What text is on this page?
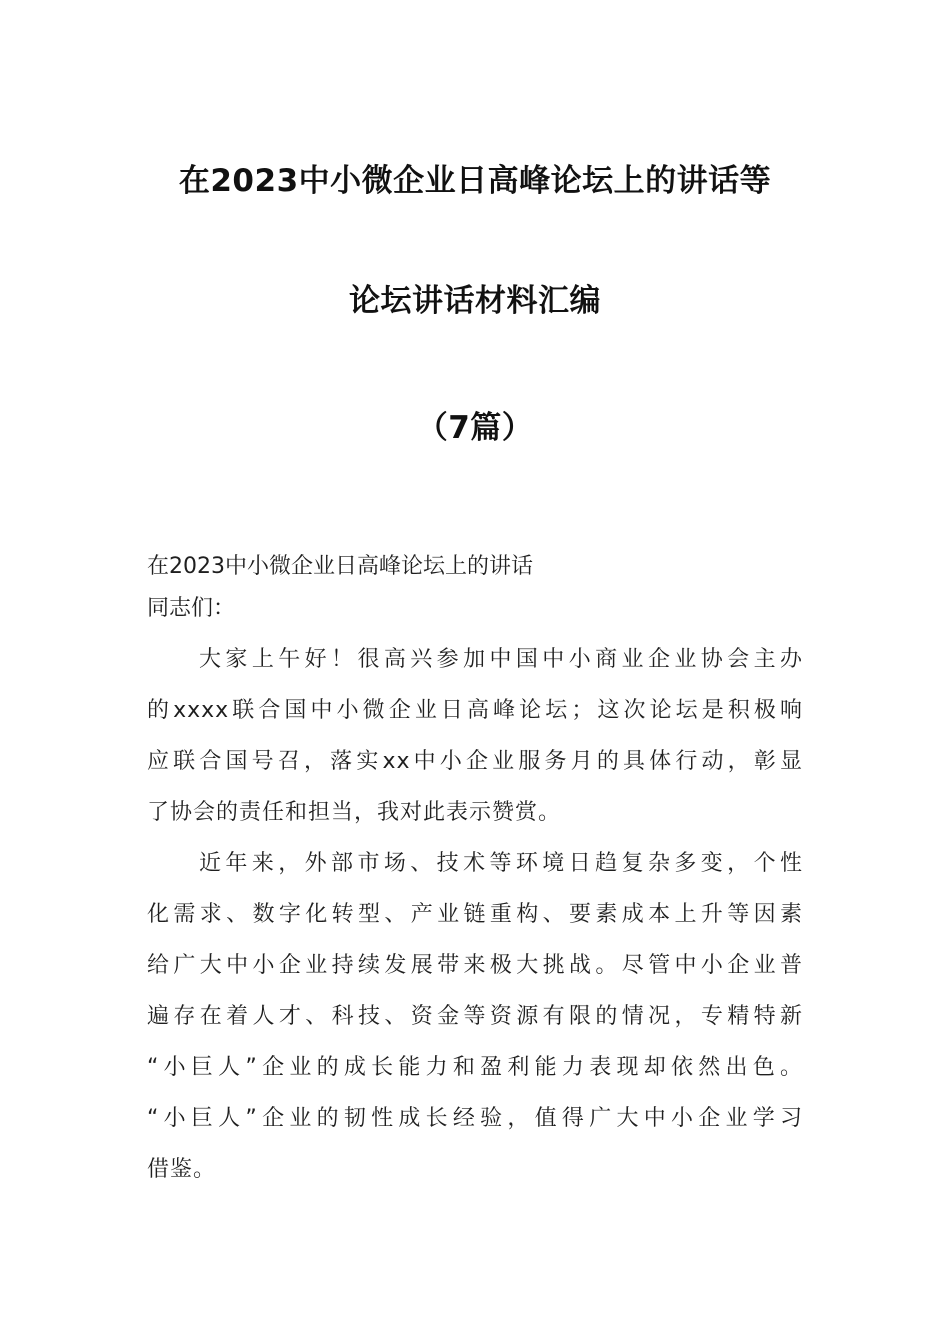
在2023中小微企业日高峰论坛上的讲话等
论坛讲话材料汇编
（7篇）
在2023中小微企业日高峰论坛上的讲话
同志们：
大家上午好！很高兴参加中国中小商业企业协会主办
的xxxx联合国中小微企业日高峰论坛；这次论坛是积极响
应联合国号召，落实xx中小企业服务月的具体行动，彰显
了协会的责任和担当，我对此表示赞赏。
近年来，外部市场、技术等环境日趋复杂多变，个性
化需求、数字化转型、产业链重构、要素成本上升等因素
给广大中小企业持续发展带来极大挑战。尽管中小企业普
遍存在着人才、科技、资金等资源有限的情况，专精特新
“小巨人”企业的成长能力和盈利能力表现却依然出色。
“小巨人”企业的韧性成长经验，值得广大中小企业学习
借鉴。
